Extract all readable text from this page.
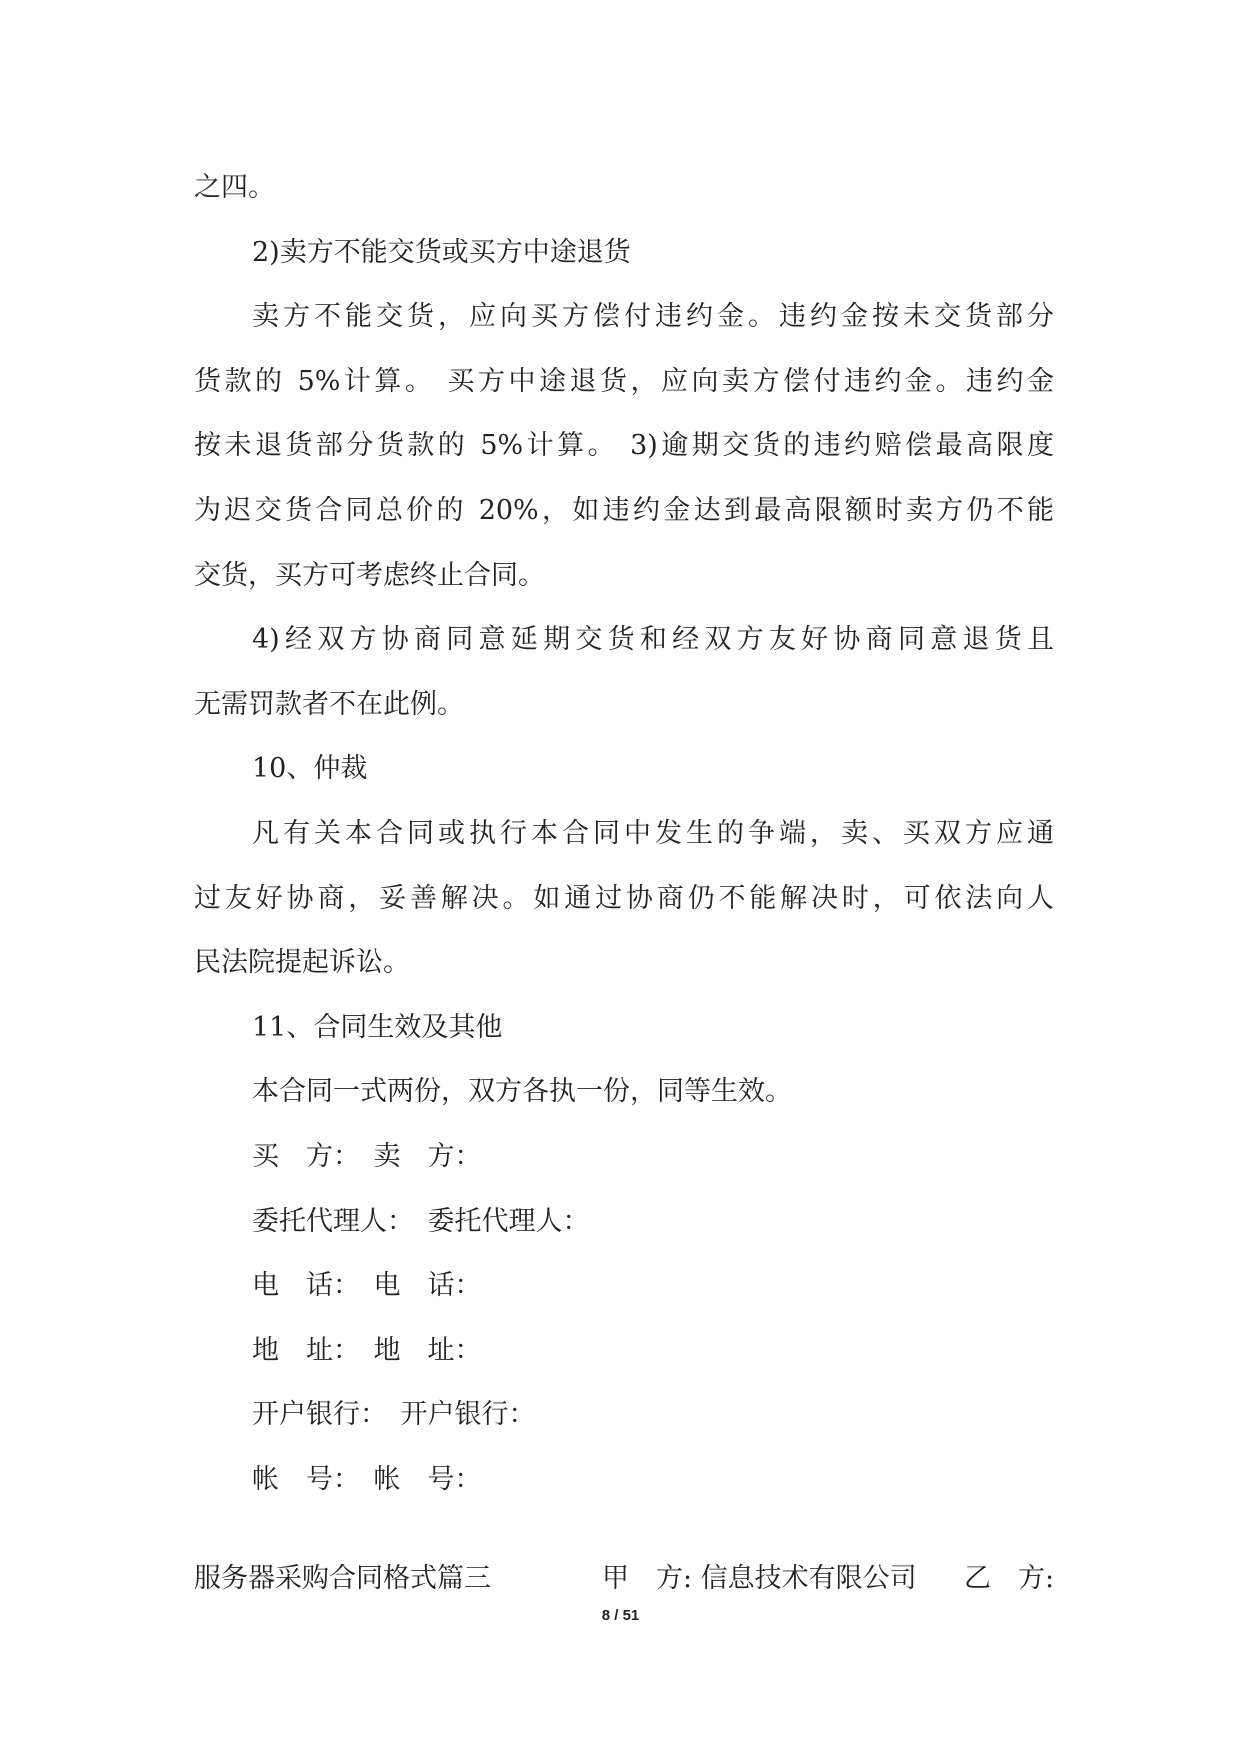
之四。
2)卖方不能交货或买方中途退货
卖方不能交货，应向买方偿付违约金。违约金按未交货部分
货款的 5%计算。 买方中途退货，应向卖方偿付违约金。违约金
按未退货部分货款的 5%计算。 3)逾期交货的违约赔偿最高限度
为迟交货合同总价的 20%，如违约金达到最高限额时卖方仍不能
交货，买方可考虑终止合同。
4)经双方协商同意延期交货和经双方友好协商同意退货且
无需罚款者不在此例。
10、仲裁
凡有关本合同或执行本合同中发生的争端，卖、买双方应通
过友好协商，妥善解决。如通过协商仍不能解决时，可依法向人
民法院提起诉讼。
11、合同生效及其他
本合同一式两份，双方各执一份，同等生效。
买　方：　卖　方：
委托代理人：　委托代理人：
电　话：　电　话：
地　址：　地　址：
开户银行：　开户银行：
帐　号：　帐　号：
服务器采购合同格式篇三	甲　方: 信息技术有限公司 乙　方:
8 / 51
